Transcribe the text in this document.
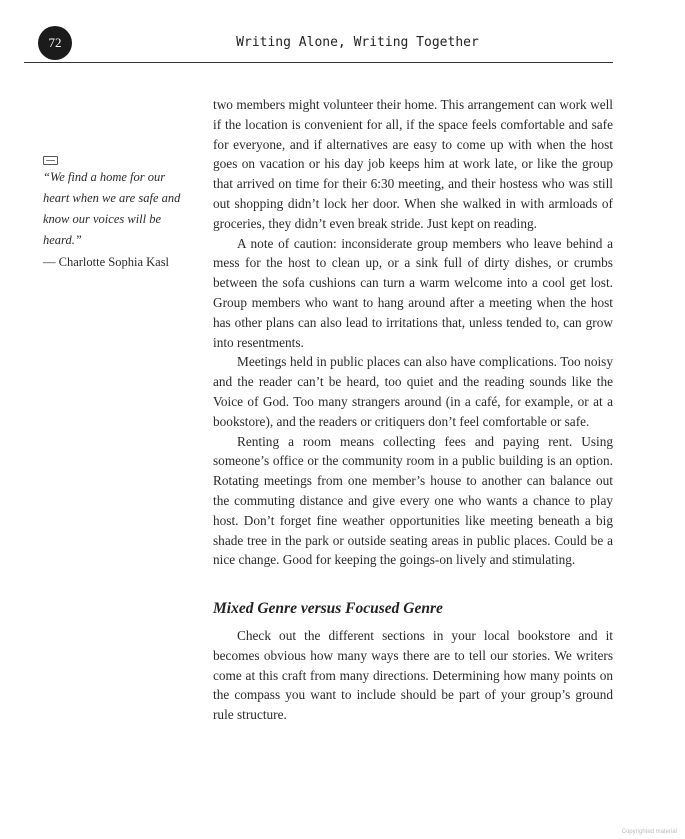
72	Writing Alone, Writing Together

“We find a home for our heart when we are safe and know our voices will be heard.”

— Charlotte Sophia Kasl

two members might volunteer their home. This arrangement can work well if the location is convenient for all, if the space feels comfortable and safe for everyone, and if alternatives are easy to come up with when the host goes on vacation or his day job keeps him at work late, or like the group that arrived on time for their 6:30 meeting, and their hostess who was still out shopping didn’t lock her door. When she walked in with armloads of groceries, they didn’t even break stride. Just kept on reading.

A note of caution: inconsiderate group members who leave behind a mess for the host to clean up, or a sink full of dirty dishes, or crumbs between the sofa cushions can turn a warm welcome into a cool get lost. Group members who want to hang around after a meeting when the host has other plans can also lead to irritations that, unless tended to, can grow into resentments.

Meetings held in public places can also have complications. Too noisy and the reader can’t be heard, too quiet and the reading sounds like the Voice of God. Too many strangers around (in a café, for example, or at a bookstore), and the readers or critiquers don’t feel comfortable or safe.

Renting a room means collecting fees and paying rent. Using someone’s office or the community room in a public building is an option. Rotating meetings from one member’s house to another can balance out the commuting distance and give every one who wants a chance to play host. Don’t forget fine weather opportunities like meeting beneath a big shade tree in the park or outside seating areas in public places. Could be a nice change. Good for keeping the goings-on lively and stimulating.

Mixed Genre versus Focused Genre

Check out the different sections in your local bookstore and it becomes obvious how many ways there are to tell our stories. We writers come at this craft from many directions. Determining how many points on the compass you want to include should be part of your group’s ground rule structure.

Copyrighted material
